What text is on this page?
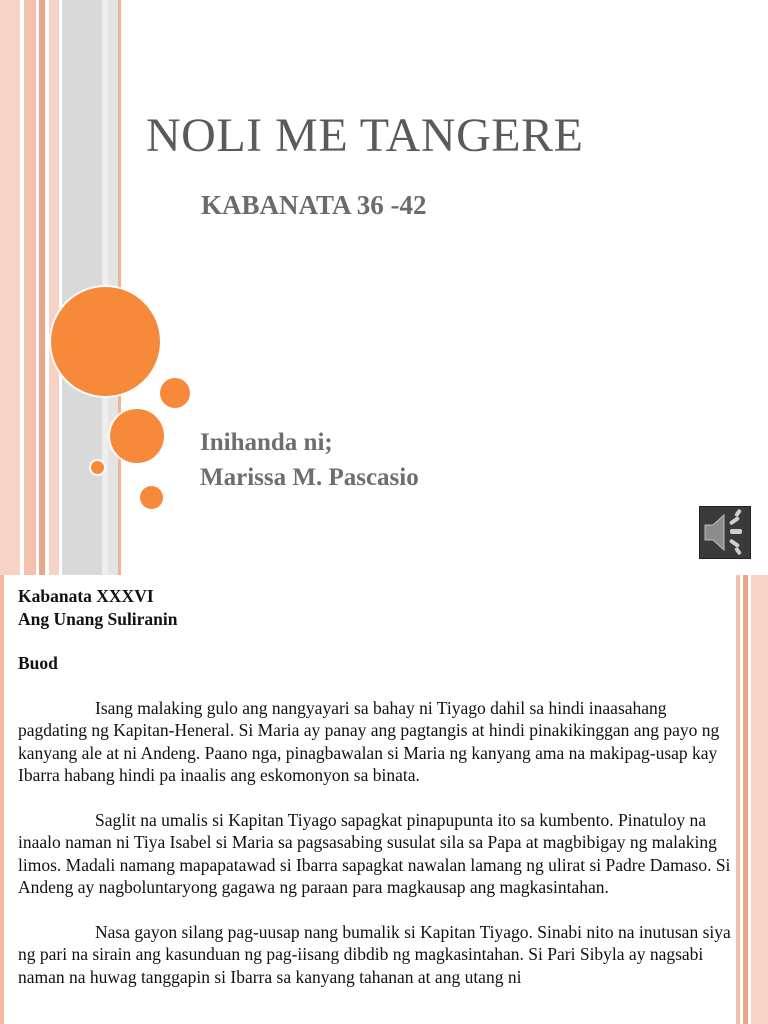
NOLI ME TANGERE
KABANATA 36 -42
Inihanda ni;
Marissa M. Pascasio

Kabanata XXXVI

Ang Unang Suliranin

Buod

Isang malaking gulo ang nangyayari sa bahay ni Tiyago dahil sa hindi inaasahang pagdating ng Kapitan-Heneral. Si Maria ay panay ang pagtangis at hindi pinakikinggan ang payo ng kanyang ale at ni Andeng. Paano nga, pinagbawalan si Maria ng kanyang ama na makipag-usap kay Ibarra habang hindi pa inaalis ang eskomonyon sa binata.

Saglit na umalis si Kapitan Tiyago sapagkat pinapupunta ito sa kumbento. Pinatuloy na inaalo naman ni Tiya Isabel si Maria sa pagsasabing susulat sila sa Papa at magbibigay ng malaking limos. Madali namang mapapatawad si Ibarra sapagkat nawalan lamang ng ulirat si Padre Damaso. Si Andeng ay nagboluntaryong gagawa ng paraan para magkausap ang magkasintahan.

Nasa gayon silang pag-uusap nang bumalik si Kapitan Tiyago. Sinabi nito na inutusan siya ng pari na sirain ang kasunduan ng pag-iisang dibdib ng magkasintahan. Si Pari Sibyla ay nagsabi naman na huwag tanggapin si Ibarra sa kanyang tahanan at ang utang ni
